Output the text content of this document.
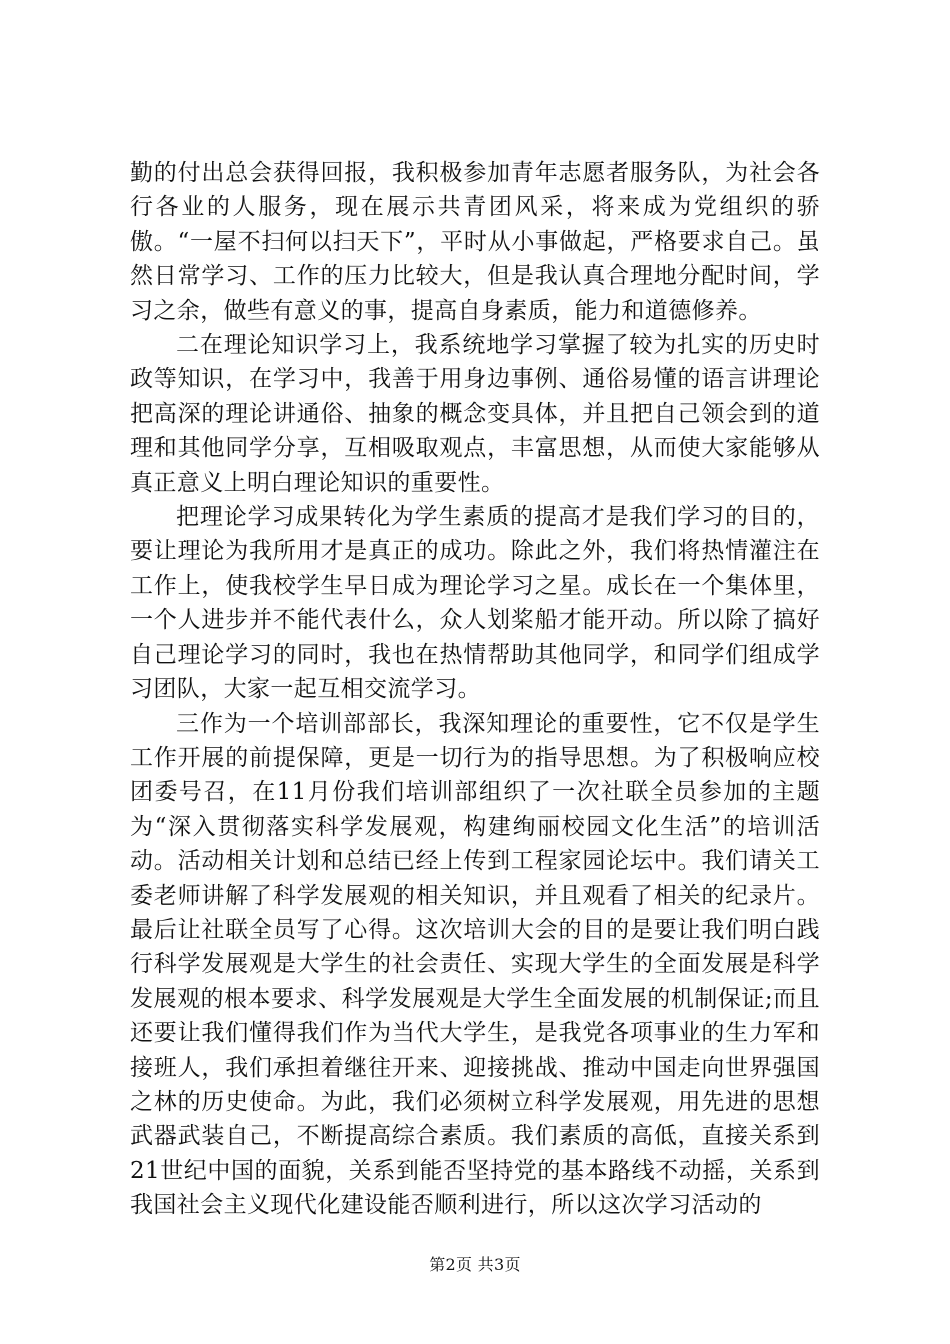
勤的付出总会获得回报，我积极参加青年志愿者服务队，为社会各行各业的人服务，现在展示共青团风采，将来成为党组织的骄傲。“一屋不扫何以扫天下”，平时从小事做起，严格要求自己。虽然日常学习、工作的压力比较大，但是我认真合理地分配时间，学习之余，做些有意义的事，提高自身素质，能力和道德修养。

二在理论知识学习上，我系统地学习掌握了较为扎实的历史时政等知识，在学习中，我善于用身边事例、通俗易懂的语言讲理论把高深的理论讲通俗、抽象的概念变具体，并且把自己领会到的道理和其他同学分享，互相吸取观点，丰富思想，从而使大家能够从真正意义上明白理论知识的重要性。

把理论学习成果转化为学生素质的提高才是我们学习的目的，要让理论为我所用才是真正的成功。除此之外，我们将热情灌注在工作上，使我校学生早日成为理论学习之星。成长在一个集体里，一个人进步并不能代表什么，众人划桨船才能开动。所以除了搞好自己理论学习的同时，我也在热情帮助其他同学，和同学们组成学习团队，大家一起互相交流学习。

三作为一个培训部部长，我深知理论的重要性，它不仅是学生工作开展的前提保障，更是一切行为的指导思想。为了积极响应校团委号召，在11月份我们培训部组织了一次社联全员参加的主题为“深入贯彻落实科学发展观，构建绚丽校园文化生活”的培训活动。活动相关计划和总结已经上传到工程家园论坛中。我们请关工委老师讲解了科学发展观的相关知识，并且观看了相关的纪录片。最后让社联全员写了心得。这次培训大会的目的是要让我们明白践行科学发展观是大学生的社会责任、实现大学生的全面发展是科学发展观的根本要求、科学发展观是大学生全面发展的机制保证;而且还要让我们懂得我们作为当代大学生，是我党各项事业的生力军和接班人，我们承担着继往开来、迎接挑战、推动中国走向世界强国之林的历史使命。为此，我们必须树立科学发展观，用先进的思想武器武装自己，不断提高综合素质。我们素质的高低，直接关系到21世纪中国的面貌，关系到能否坚持党的基本路线不动摇，关系到我国社会主义现代化建设能否顺利进行，所以这次学习活动的

第2页 共3页
